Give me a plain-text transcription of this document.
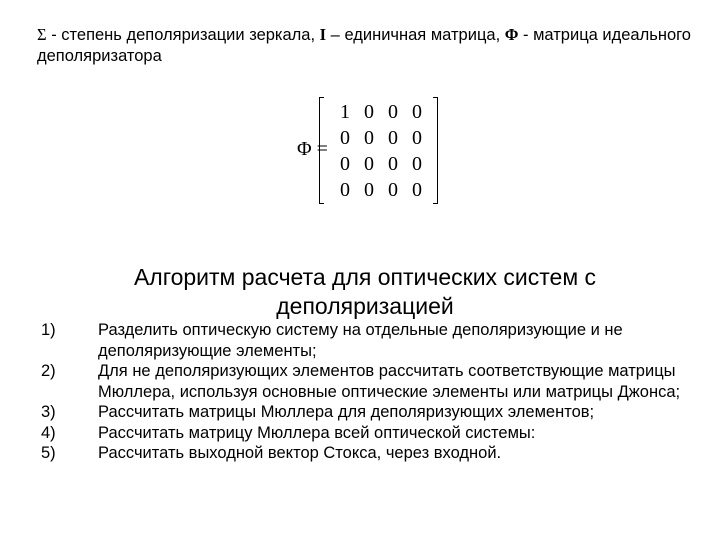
Σ - степень деполяризации зеркала, I – единичная матрица, Φ - матрица идеального деполяризатора
Φ =
1 0 0 0
0 0 0 0
0 0 0 0
0 0 0 0
Алгоритм расчета для оптических систем с деполяризацией
1)	Разделить оптическую систему на отдельные деполяризующие и не деполяризующие элементы;
2)	Для не деполяризующих элементов рассчитать соответствующие матрицы Мюллера, используя основные оптические элементы или матрицы Джонса;
3)	Рассчитать матрицы Мюллера для деполяризующих элементов;
4)	Рассчитать матрицу Мюллера всей оптической системы:
5)	Рассчитать выходной вектор Стокса, через входной.
